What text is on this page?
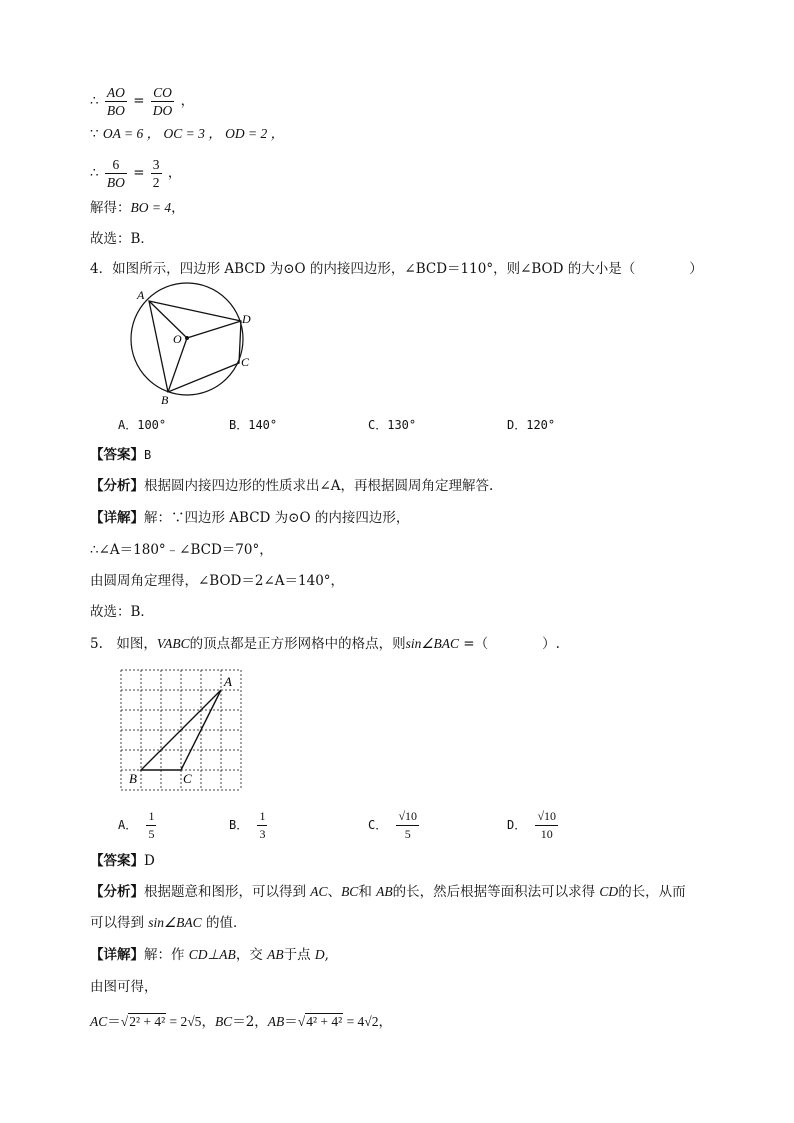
∴ $\frac{AO}{BO} = \frac{CO}{DO}$ ，
∵ OA = 6 ， OC = 3 ， OD = 2 ，
∴ $\frac{6}{BO} = \frac{3}{2}$ ，
解得：BO = 4，
故选：B．
4．如图所示，四边形 ABCD 为⊙O 的内接四边形，∠BCD＝110°，则∠BOD 的大小是（　　　　）
A
D
C
B
O
A．100°	B．140°	C．130°	D．120°
【答案】B
【分析】根据圆内接四边形的性质求出∠A，再根据圆周角定理解答.
【详解】解：∵四边形 ABCD 为⊙O 的内接四边形，
∴∠A＝180°﹣∠BCD＝70°，
由圆周角定理得，∠BOD＝2∠A＝140°，
故选：B．
5.　如图，VABC的顶点都是正方形网格中的格点，则sin∠BAC =（　　　　）.
A
B	C
A． $\frac{1}{5}$	B． $\frac{1}{3}$	C． $\frac{√10}{5}$	D． $\frac{√10}{10}$
【答案】D
【分析】根据题意和图形，可以得到 AC、BC和 AB的长，然后根据等面积法可以求得 CD的长，从而
可以得到 sin∠BAC 的值．
【详解】解：作 CD⊥AB，交 AB于点 D,
由图可得，
AC＝√2² + 4² = 2√5，BC＝2，AB＝√4² + 4² = 4√2，
